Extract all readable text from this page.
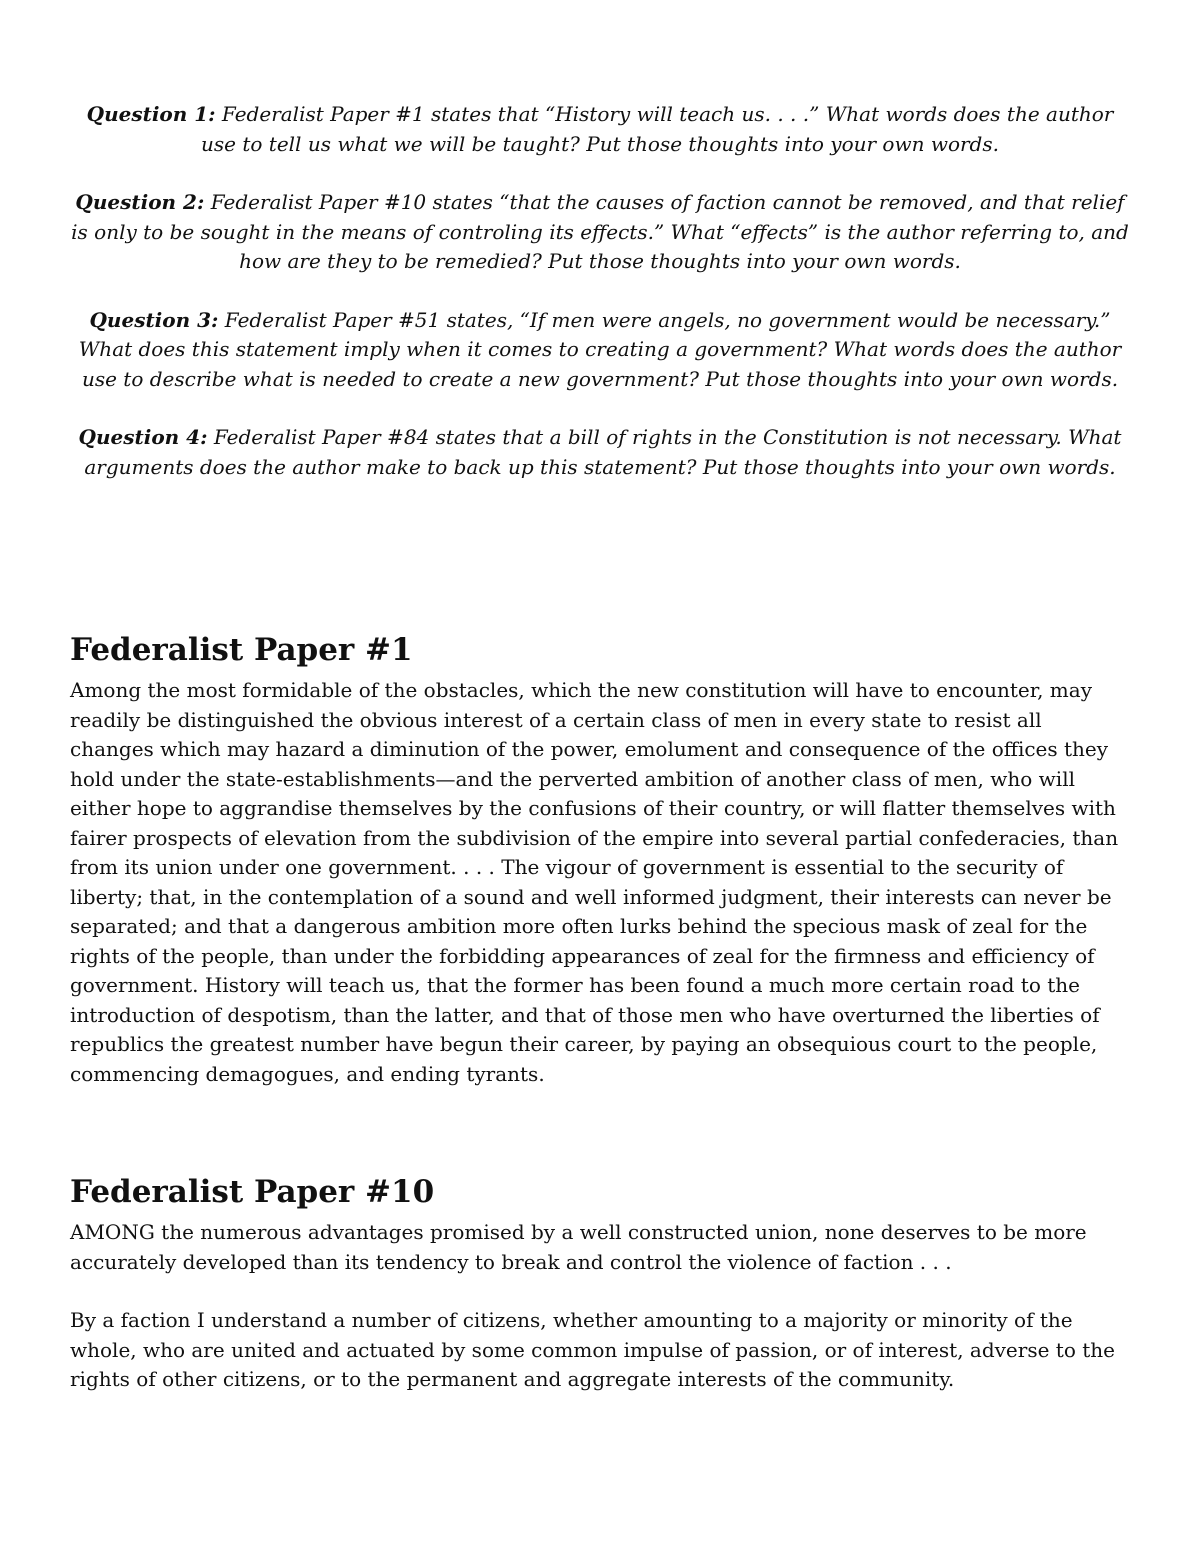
Question 1: Federalist Paper #1 states that “History will teach us. . . .” What words does the author use to tell us what we will be taught? Put those thoughts into your own words.

Question 2: Federalist Paper #10 states “that the causes of faction cannot be removed, and that relief is only to be sought in the means of controling its effects.” What “effects” is the author referring to, and how are they to be remedied? Put those thoughts into your own words.

Question 3: Federalist Paper #51 states, “If men were angels, no government would be necessary.” What does this statement imply when it comes to creating a government? What words does the author use to describe what is needed to create a new government? Put those thoughts into your own words.

Question 4: Federalist Paper #84 states that a bill of rights in the Constitution is not necessary. What arguments does the author make to back up this statement? Put those thoughts into your own words.

Federalist Paper #1

Among the most formidable of the obstacles, which the new constitution will have to encounter, may readily be distinguished the obvious interest of a certain class of men in every state to resist all changes which may hazard a diminution of the power, emolument and consequence of the offices they hold under the state-establishments—and the perverted ambition of another class of men, who will either hope to aggrandise themselves by the confusions of their country, or will flatter themselves with fairer prospects of elevation from the subdivision of the empire into several partial confederacies, than from its union under one government. . . . The vigour of government is essential to the security of liberty; that, in the contemplation of a sound and well informed judgment, their interests can never be separated; and that a dangerous ambition more often lurks behind the specious mask of zeal for the rights of the people, than under the forbidding appearances of zeal for the firmness and efficiency of government. History will teach us, that the former has been found a much more certain road to the introduction of despotism, than the latter, and that of those men who have overturned the liberties of republics the greatest number have begun their career, by paying an obsequious court to the people, commencing demagogues, and ending tyrants.

Federalist Paper #10

AMONG the numerous advantages promised by a well constructed union, none deserves to be more accurately developed than its tendency to break and control the violence of faction . . .

By a faction I understand a number of citizens, whether amounting to a majority or minority of the whole, who are united and actuated by some common impulse of passion, or of interest, adverse to the rights of other citizens, or to the permanent and aggregate interests of the community.
